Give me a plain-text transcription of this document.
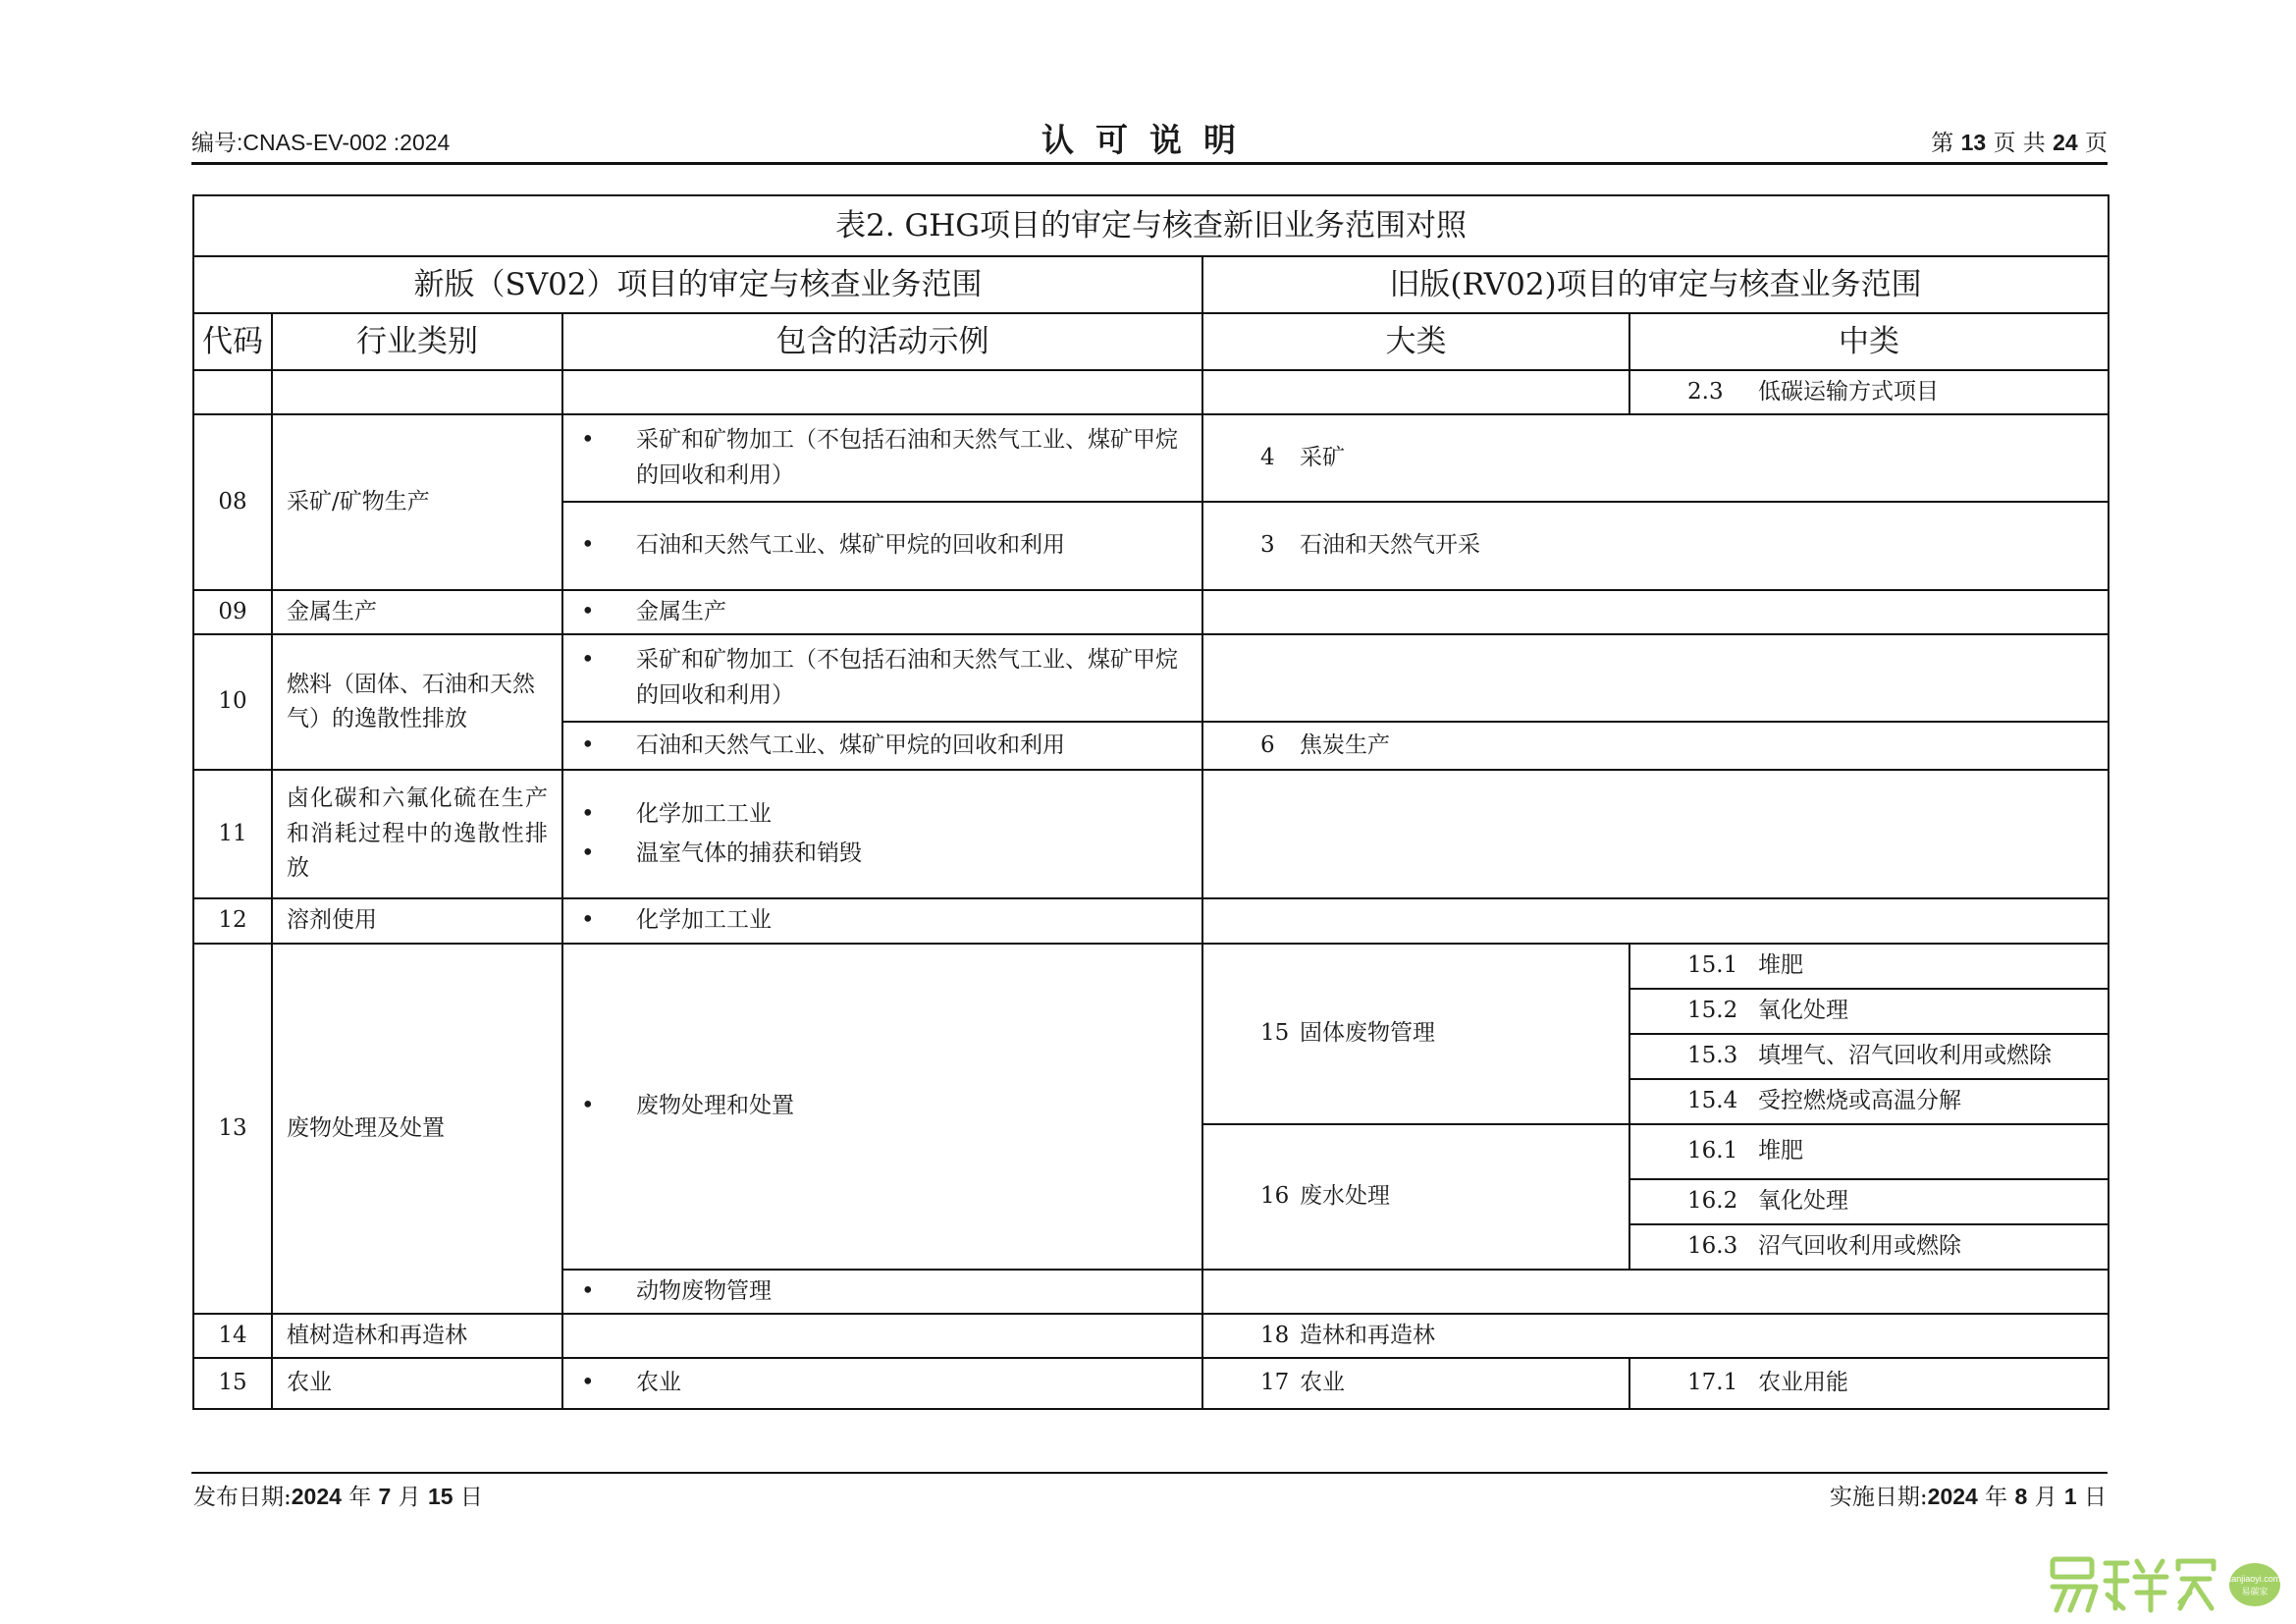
编号:CNAS-EV-002 :2024	认可说明	第 13 页 共 24 页
表2. GHG项目的审定与核查新旧业务范围对照				
新版（SV02）项目的审定与核查业务范围			旧版(RV02)项目的审定与核查业务范围	
代码	行业类别	包含的活动示例	大类	中类
				2.3 低碳运输方式项目
08	采矿/矿物生产	• 采矿和矿物加工（不包括石油和天然气工业、煤矿甲烷的回收和利用）	4 采矿	

		• 石油和天然气工业、煤矿甲烷的回收和利用	3 石油和天然气开采	
09	金属生产	• 金属生产

10	燃料（固体、石油和天然气）的逸散性排放	• 采矿和矿物加工（不包括石油和天然气工业、煤矿甲烷的回收和利用）

		• 石油和天然气工业、煤矿甲烷的回收和利用	6 焦炭生产	
11	卤化碳和六氟化硫在生产和消耗过程中的逸散性排放	• 化学加工工业
• 温室气体的捕获和销毁

12	溶剂使用	• 化学加工工业

13	废物处理及处置	• 废物处理和处置	15 固体废物管理	15.1 堆肥
				15.2 氧化处理
				15.3 填埋气、沼气回收利用或燃除
				15.4 受控燃烧或高温分解
			16 废水处理	16.1 堆肥
				16.2 氧化处理
				16.3 沼气回收利用或燃除

		• 动物废物管理

14	植树造林和再造林		18 造林和再造林	
15	农业	• 农业	17 农业	17.1 农业用能
发布日期:2024 年 7 月 15 日	实施日期:2024 年 8 月 1 日
tanjiaoyi.com
易碳家
